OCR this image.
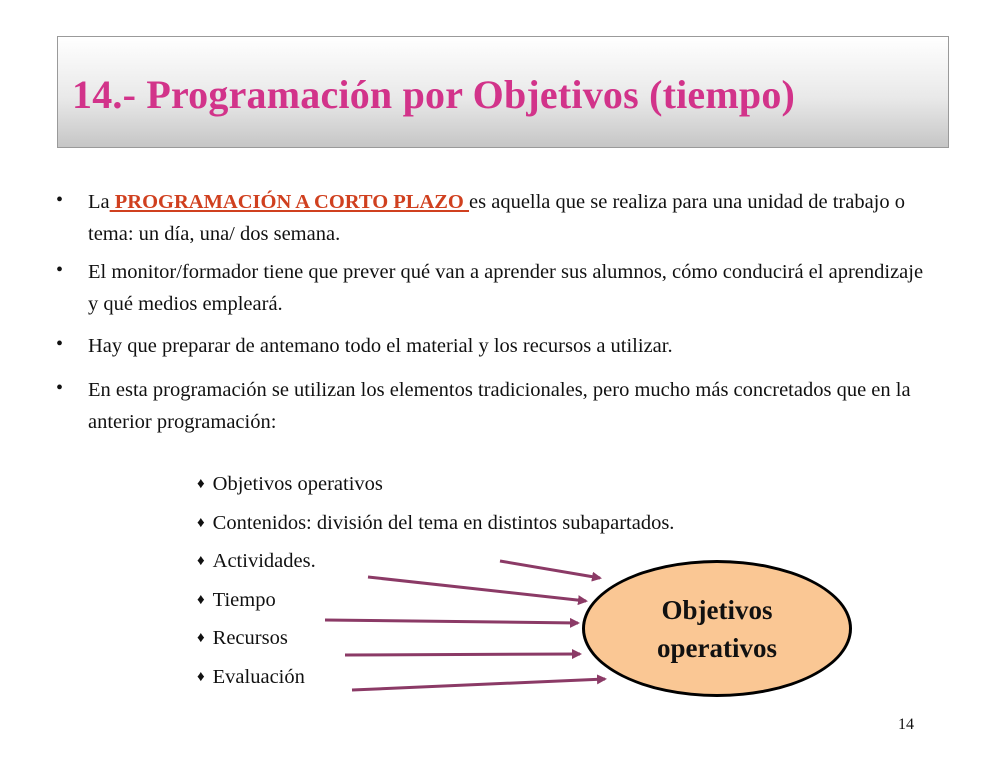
14.- Programación por Objetivos (tiempo)
• La PROGRAMACIÓN A CORTO PLAZO es aquella que se realiza para una unidad de trabajo o tema: un día, una/ dos semana.
• El monitor/formador tiene que prever qué van a aprender sus alumnos, cómo conducirá el aprendizaje y qué medios empleará.
• Hay que preparar de antemano todo el material y los recursos a utilizar.
• En esta programación se utilizan los elementos tradicionales, pero mucho más concretados que en la anterior programación:
♦ Objetivos operativos
♦ Contenidos: división del tema en distintos subapartados.
♦ Actividades.
♦ Tiempo
♦ Recursos
♦ Evaluación
Objetivos
operativos
14
